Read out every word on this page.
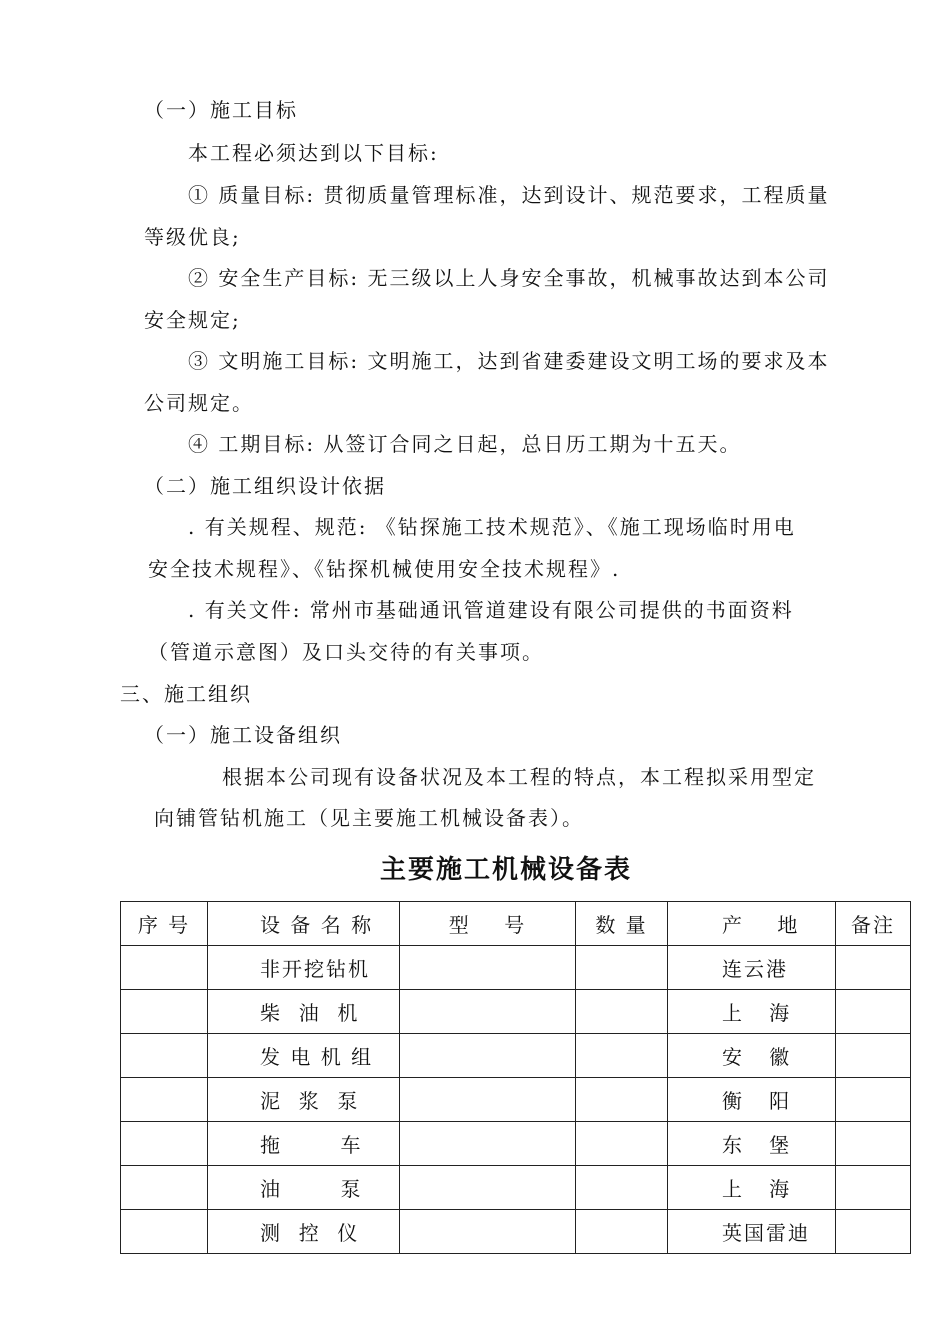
（一）施工目标
本工程必须达到以下目标:
① 质量目标: 贯彻质量管理标准，达到设计、规范要求，工程质量
等级优良;
② 安全生产目标: 无三级以上人身安全事故，机械事故达到本公司
安全规定;
③ 文明施工目标: 文明施工，达到省建委建设文明工场的要求及本
公司规定。
④ 工期目标: 从签订合同之日起，总日历工期为十五天。
（二）施工组织设计依据
. 有关规程、规范: 《钻探施工技术规范》、《施工现场临时用电
安全技术规程》、《钻探机械使用安全技术规程》.
. 有关文件: 常州市基础通讯管道建设有限公司提供的书面资料
（管道示意图）及口头交待的有关事项。
三、施工组织
（一）施工设备组织
根据本公司现有设备状况及本工程的特点，本工程拟采用型定
向铺管钻机施工（见主要施工机械设备表）。
主要施工机械设备表
序 号	设 备 名 称	型    号	数 量	产    地	备注
	非开挖钻机			连云港	
	柴  油  机			上   海	
	发 电 机 组			安   徽	
	泥  浆  泵			衡   阳	
	拖       车			东   堡	
	油       泵			上   海	
	测  控  仪			英国雷迪	
